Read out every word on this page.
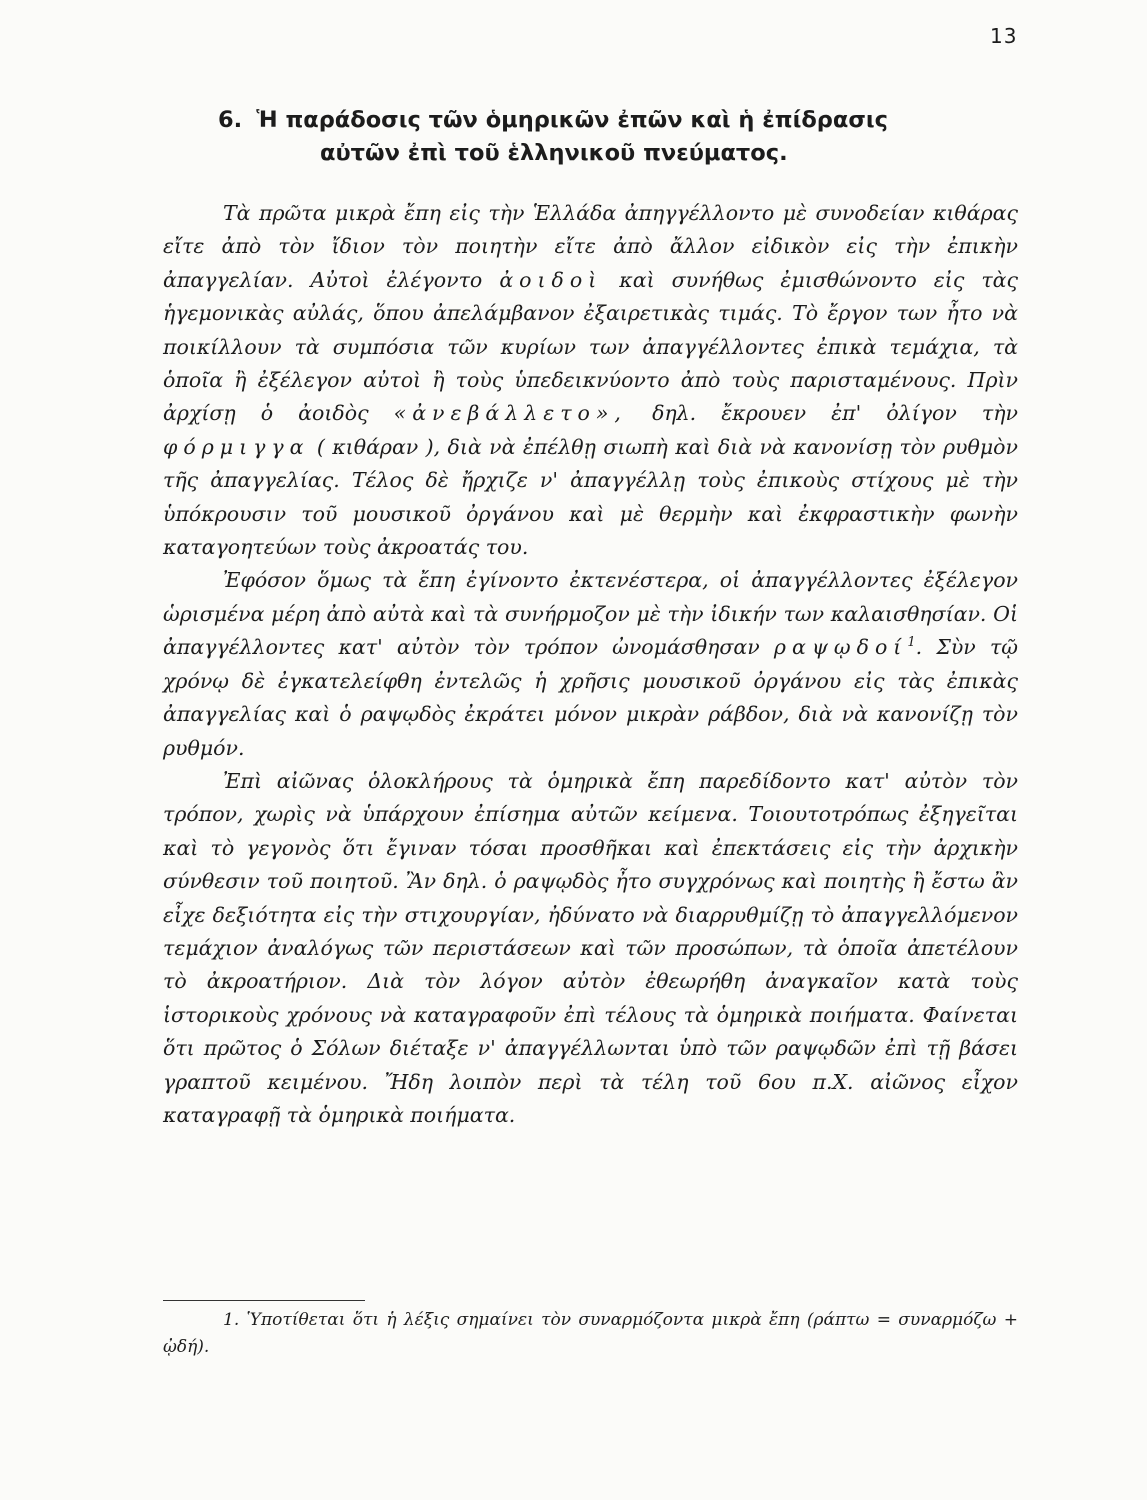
13
6. Ἡ παράδοσις τῶν ὁμηρικῶν ἐπῶν καὶ ἡ ἐπίδρασις
αὐτῶν ἐπὶ τοῦ ἑλληνικοῦ πνεύματος.

Τὰ πρῶτα μικρὰ ἔπη εἰς τὴν Ἑλλάδα ἀπηγγέλλοντο μὲ συνοδείαν κιθάρας εἴτε ἀπὸ τὸν ἴδιον τὸν ποιητὴν εἴτε ἀπὸ ἄλλον εἰδικὸν εἰς τὴν ἐπικὴν ἀπαγγελίαν. Αὐτοὶ ἐλέγοντο ἀοιδοὶ καὶ συνήθως ἐμισθώνοντο εἰς τὰς ἡγεμονικὰς αὐλάς, ὅπου ἀπελάμβανον ἐξαιρετικὰς τιμάς. Τὸ ἔργον των ἦτο νὰ ποικίλλουν τὰ συμπόσια τῶν κυρίων των ἀπαγγέλλοντες ἐπικὰ τεμάχια, τὰ ὁποῖα ἢ ἐξέλεγον αὐτοὶ ἢ τοὺς ὑπεδεικνύοντο ἀπὸ τοὺς παρισταμένους. Πρὶν ἀρχίσῃ ὁ ἀοιδὸς «ἀνεβάλλετο», δηλ. ἔκρουεν ἐπ' ὀλίγον τὴν φόρμιγγα ( κιθάραν ), διὰ νὰ ἐπέλθῃ σιωπὴ καὶ διὰ νὰ κανονίσῃ τὸν ρυθμὸν τῆς ἀπαγγελίας. Τέλος δὲ ἤρχιζε ν' ἀπαγγέλλῃ τοὺς ἐπικοὺς στίχους μὲ τὴν ὑπόκρουσιν τοῦ μουσικοῦ ὀργάνου καὶ μὲ θερμὴν καὶ ἐκφραστικὴν φωνὴν καταγοητεύων τοὺς ἀκροατάς του.

Ἐφόσον ὅμως τὰ ἔπη ἐγίνοντο ἐκτενέστερα, οἱ ἀπαγγέλλοντες ἐξέλεγον ὡρισμένα μέρη ἀπὸ αὐτὰ καὶ τὰ συνήρμοζον μὲ τὴν ἰδικήν των καλαισθησίαν. Οἱ ἀπαγγέλλοντες κατ' αὐτὸν τὸν τρόπον ὠνομάσθησαν ραψῳδοί$^1$. Σὺν τῷ χρόνῳ δὲ ἐγκατελείφθη ἐντελῶς ἡ χρῆσις μουσικοῦ ὀργάνου εἰς τὰς ἐπικὰς ἀπαγγελίας καὶ ὁ ραψῳδὸς ἐκράτει μόνον μικρὰν ράβδον, διὰ νὰ κανονίζῃ τὸν ρυθμόν.

Ἐπὶ αἰῶνας ὁλοκλήρους τὰ ὁμηρικὰ ἔπη παρεδίδοντο κατ' αὐτὸν τὸν τρόπον, χωρὶς νὰ ὑπάρχουν ἐπίσημα αὐτῶν κείμενα. Τοιουτοτρόπως ἐξηγεῖται καὶ τὸ γεγονὸς ὅτι ἔγιναν τόσαι προσθῆκαι καὶ ἐπεκτάσεις εἰς τὴν ἀρχικὴν σύνθεσιν τοῦ ποιητοῦ. Ἂν δηλ. ὁ ραψῳδὸς ἦτο συγχρόνως καὶ ποιητὴς ἢ ἔστω ἂν εἶχε δεξιότητα εἰς τὴν στιχουργίαν, ἠδύνατο νὰ διαρρυθμίζῃ τὸ ἀπαγγελλόμενον τεμάχιον ἀναλόγως τῶν περιστάσεων καὶ τῶν προσώπων, τὰ ὁποῖα ἀπετέλουν τὸ ἀκροατήριον. Διὰ τὸν λόγον αὐτὸν ἐθεωρήθη ἀναγκαῖον κατὰ τοὺς ἱστορικοὺς χρόνους νὰ καταγραφοῦν ἐπὶ τέλους τὰ ὁμηρικὰ ποιήματα. Φαίνεται ὅτι πρῶτος ὁ Σόλων διέταξε ν' ἀπαγγέλλωνται ὑπὸ τῶν ραψῳδῶν ἐπὶ τῇ βάσει γραπτοῦ κειμένου. Ἤδη λοιπὸν περὶ τὰ τέλη τοῦ 6ου π.Χ. αἰῶνος εἶχον καταγραφῇ τὰ ὁμηρικὰ ποιήματα.

1. Ὑποτίθεται ὅτι ἡ λέξις σημαίνει τὸν συναρμόζοντα μικρὰ ἔπη (ράπτω = συναρμόζω + ᾠδή).
